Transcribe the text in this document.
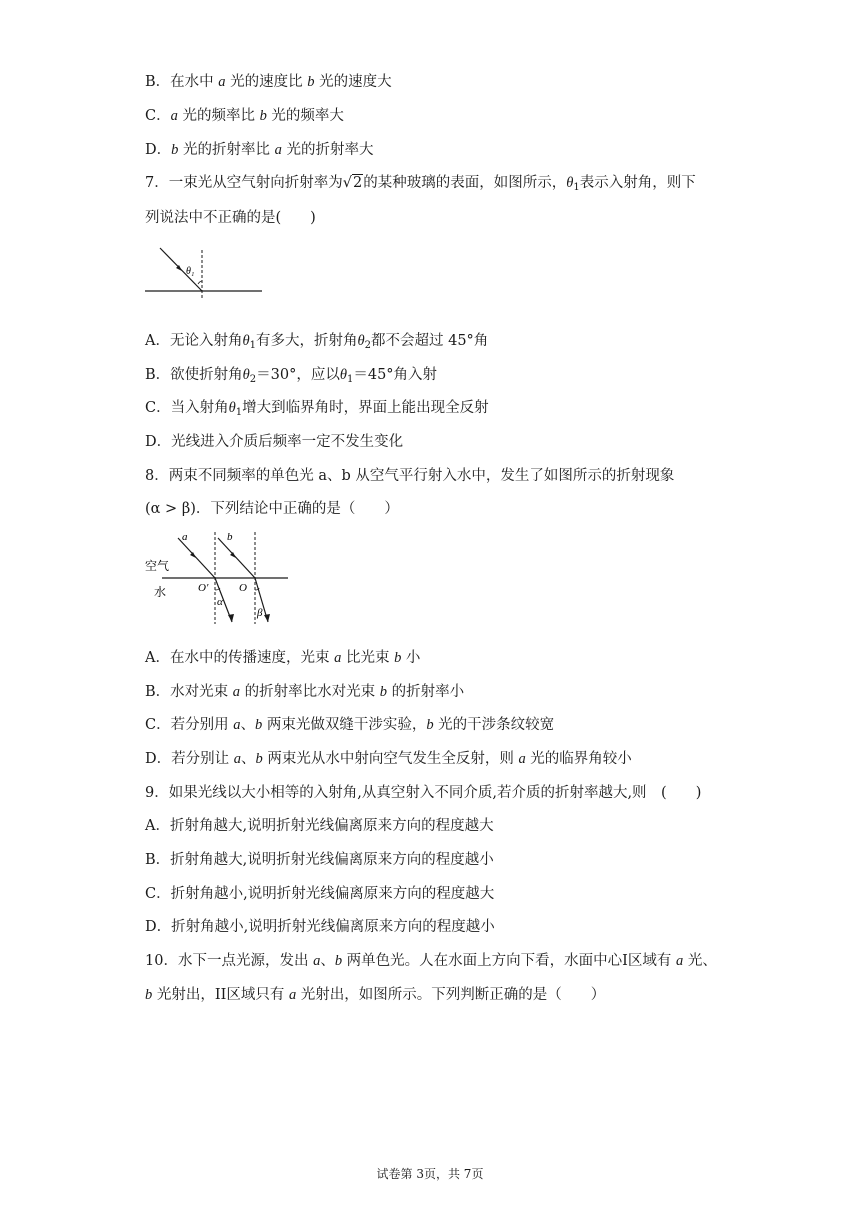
B．在水中 a 光的速度比 b 光的速度大
C．a 光的频率比 b 光的频率大
D．b 光的折射率比 a 光的折射率大
7．一束光从空气射向折射率为√2的某种玻璃的表面，如图所示，$\theta_1$表示入射角，则下
列说法中不正确的是(　　)
θ₁
A．无论入射角$\theta_1$有多大，折射角$\theta_2$都不会超过 45°角
B．欲使折射角$\theta_2=30^\circ$，应以$\theta_1=45^\circ$角入射
C．当入射角$\theta_1$增大到临界角时，界面上能出现全反射
D．光线进入介质后频率一定不发生变化
8．两束不同频率的单色光 a、b 从空气平行射入水中，发生了如图所示的折射现象
(α > β)．下列结论中正确的是（　　）
空气
水
a	b
O′	O
α
β
A．在水中的传播速度，光束 a 比光束 b 小
B．水对光束 a 的折射率比水对光束 b 的折射率小
C．若分别用 a、b 两束光做双缝干涉实验，b 光的干涉条纹较宽
D．若分别让 a、b 两束光从水中射向空气发生全反射，则 a 光的临界角较小
9．如果光线以大小相等的入射角,从真空射入不同介质,若介质的折射率越大,则　(　　)
A．折射角越大,说明折射光线偏离原来方向的程度越大
B．折射角越大,说明折射光线偏离原来方向的程度越小
C．折射角越小,说明折射光线偏离原来方向的程度越大
D．折射角越小,说明折射光线偏离原来方向的程度越小
10．水下一点光源，发出 a、b 两单色光。人在水面上方向下看，水面中心I区域有 a 光、
b 光射出，II区域只有 a 光射出，如图所示。下列判断正确的是（　　）
试卷第 3页，共 7页
